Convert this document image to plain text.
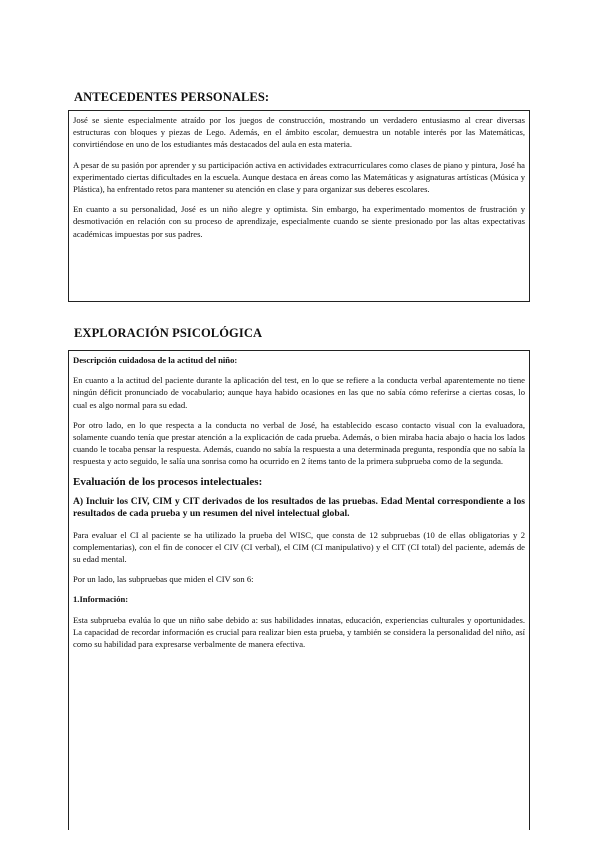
ANTECEDENTES PERSONALES:

José se siente especialmente atraído por los juegos de construcción, mostrando un verdadero entusiasmo al crear diversas estructuras con bloques y piezas de Lego. Además, en el ámbito escolar, demuestra un notable interés por las Matemáticas, convirtiéndose en uno de los estudiantes más destacados del aula en esta materia.

A pesar de su pasión por aprender y su participación activa en actividades extracurriculares como clases de piano y pintura, José ha experimentado ciertas dificultades en la escuela. Aunque destaca en áreas como las Matemáticas y asignaturas artísticas (Música y Plástica), ha enfrentado retos para mantener su atención en clase y para organizar sus deberes escolares.

En cuanto a su personalidad, José es un niño alegre y optimista. Sin embargo, ha experimentado momentos de frustración y desmotivación en relación con su proceso de aprendizaje, especialmente cuando se siente presionado por las altas expectativas académicas impuestas por sus padres.

EXPLORACIÓN PSICOLÓGICA

Descripción cuidadosa de la actitud del niño:

En cuanto a la actitud del paciente durante la aplicación del test, en lo que se refiere a la conducta verbal aparentemente no tiene ningún déficit pronunciado de vocabulario; aunque haya habido ocasiones en las que no sabía cómo referirse a ciertas cosas, lo cual es algo normal para su edad.

Por otro lado, en lo que respecta a la conducta no verbal de José, ha establecido escaso contacto visual con la evaluadora, solamente cuando tenía que prestar atención a la explicación de cada prueba. Además, o bien miraba hacia abajo o hacia los lados cuando le tocaba pensar la respuesta. Además, cuando no sabía la respuesta a una determinada pregunta, respondía que no sabía la respuesta y acto seguido, le salía una sonrisa como ha ocurrido en 2 ítems tanto de la primera subprueba como de la segunda.

Evaluación de los procesos intelectuales:
A) Incluir los CIV, CIM y CIT derivados de los resultados de las pruebas. Edad Mental correspondiente a los resultados de cada prueba y un resumen del nivel intelectual global.

Para evaluar el CI al paciente se ha utilizado la prueba del WISC, que consta de 12 subpruebas (10 de ellas obligatorias y 2 complementarias), con el fin de conocer el CIV (CI verbal), el CIM (CI manipulativo) y el CIT (CI total) del paciente, además de su edad mental.

Por un lado, las subpruebas que miden el CIV son 6:

1.Información:

Esta subprueba evalúa lo que un niño sabe debido a: sus habilidades innatas, educación, experiencias culturales y oportunidades. La capacidad de recordar información es crucial para realizar bien esta prueba, y también se considera la personalidad del niño, así como su habilidad para expresarse verbalmente de manera efectiva.
